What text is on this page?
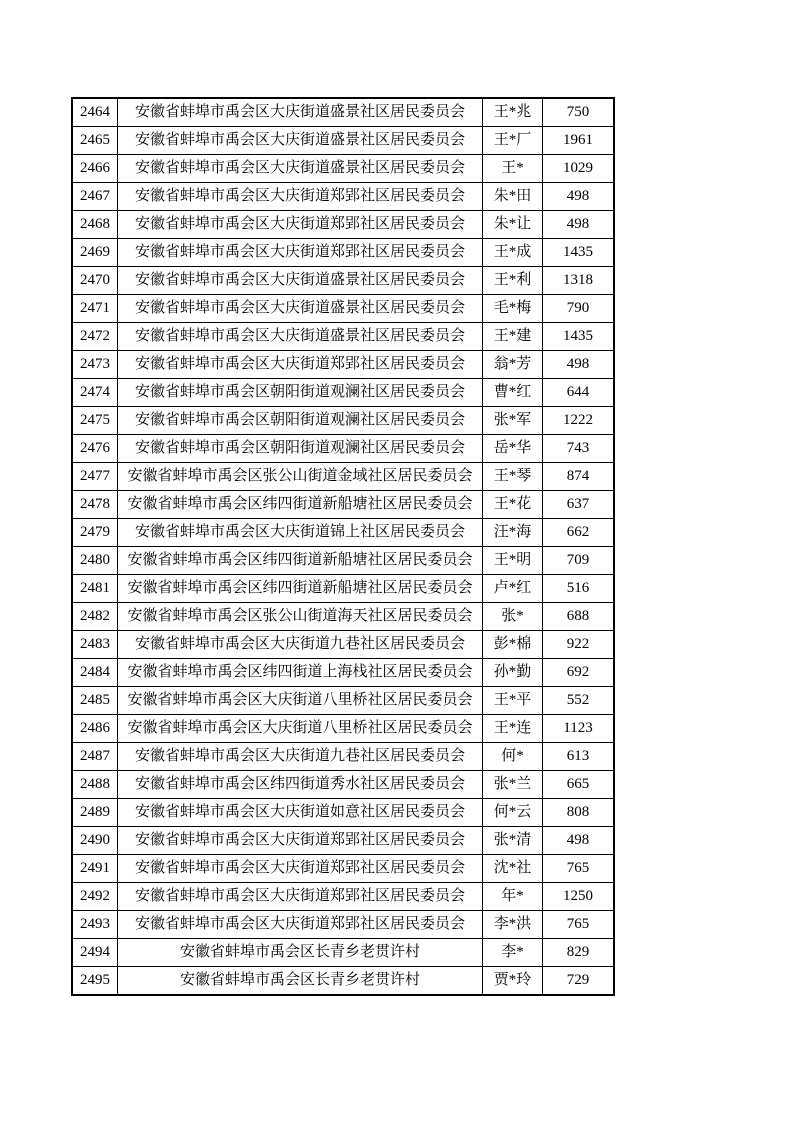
2464	安徽省蚌埠市禹会区大庆街道盛景社区居民委员会	王*兆	750
2465	安徽省蚌埠市禹会区大庆街道盛景社区居民委员会	王*厂	1961
2466	安徽省蚌埠市禹会区大庆街道盛景社区居民委员会	王*	1029
2467	安徽省蚌埠市禹会区大庆街道郑郢社区居民委员会	朱*田	498
2468	安徽省蚌埠市禹会区大庆街道郑郢社区居民委员会	朱*让	498
2469	安徽省蚌埠市禹会区大庆街道郑郢社区居民委员会	王*成	1435
2470	安徽省蚌埠市禹会区大庆街道盛景社区居民委员会	王*利	1318
2471	安徽省蚌埠市禹会区大庆街道盛景社区居民委员会	毛*梅	790
2472	安徽省蚌埠市禹会区大庆街道盛景社区居民委员会	王*建	1435
2473	安徽省蚌埠市禹会区大庆街道郑郢社区居民委员会	翁*芳	498
2474	安徽省蚌埠市禹会区朝阳街道观澜社区居民委员会	曹*红	644
2475	安徽省蚌埠市禹会区朝阳街道观澜社区居民委员会	张*军	1222
2476	安徽省蚌埠市禹会区朝阳街道观澜社区居民委员会	岳*华	743
2477	安徽省蚌埠市禹会区张公山街道金域社区居民委员会	王*琴	874
2478	安徽省蚌埠市禹会区纬四街道新船塘社区居民委员会	王*花	637
2479	安徽省蚌埠市禹会区大庆街道锦上社区居民委员会	汪*海	662
2480	安徽省蚌埠市禹会区纬四街道新船塘社区居民委员会	王*明	709
2481	安徽省蚌埠市禹会区纬四街道新船塘社区居民委员会	卢*红	516
2482	安徽省蚌埠市禹会区张公山街道海天社区居民委员会	张*	688
2483	安徽省蚌埠市禹会区大庆街道九巷社区居民委员会	彭*棉	922
2484	安徽省蚌埠市禹会区纬四街道上海栈社区居民委员会	孙*勤	692
2485	安徽省蚌埠市禹会区大庆街道八里桥社区居民委员会	王*平	552
2486	安徽省蚌埠市禹会区大庆街道八里桥社区居民委员会	王*连	1123
2487	安徽省蚌埠市禹会区大庆街道九巷社区居民委员会	何*	613
2488	安徽省蚌埠市禹会区纬四街道秀水社区居民委员会	张*兰	665
2489	安徽省蚌埠市禹会区大庆街道如意社区居民委员会	何*云	808
2490	安徽省蚌埠市禹会区大庆街道郑郢社区居民委员会	张*清	498
2491	安徽省蚌埠市禹会区大庆街道郑郢社区居民委员会	沈*社	765
2492	安徽省蚌埠市禹会区大庆街道郑郢社区居民委员会	年*	1250
2493	安徽省蚌埠市禹会区大庆街道郑郢社区居民委员会	李*洪	765
2494	安徽省蚌埠市禹会区长青乡老贯许村	李*	829
2495	安徽省蚌埠市禹会区长青乡老贯许村	贾*玲	729
